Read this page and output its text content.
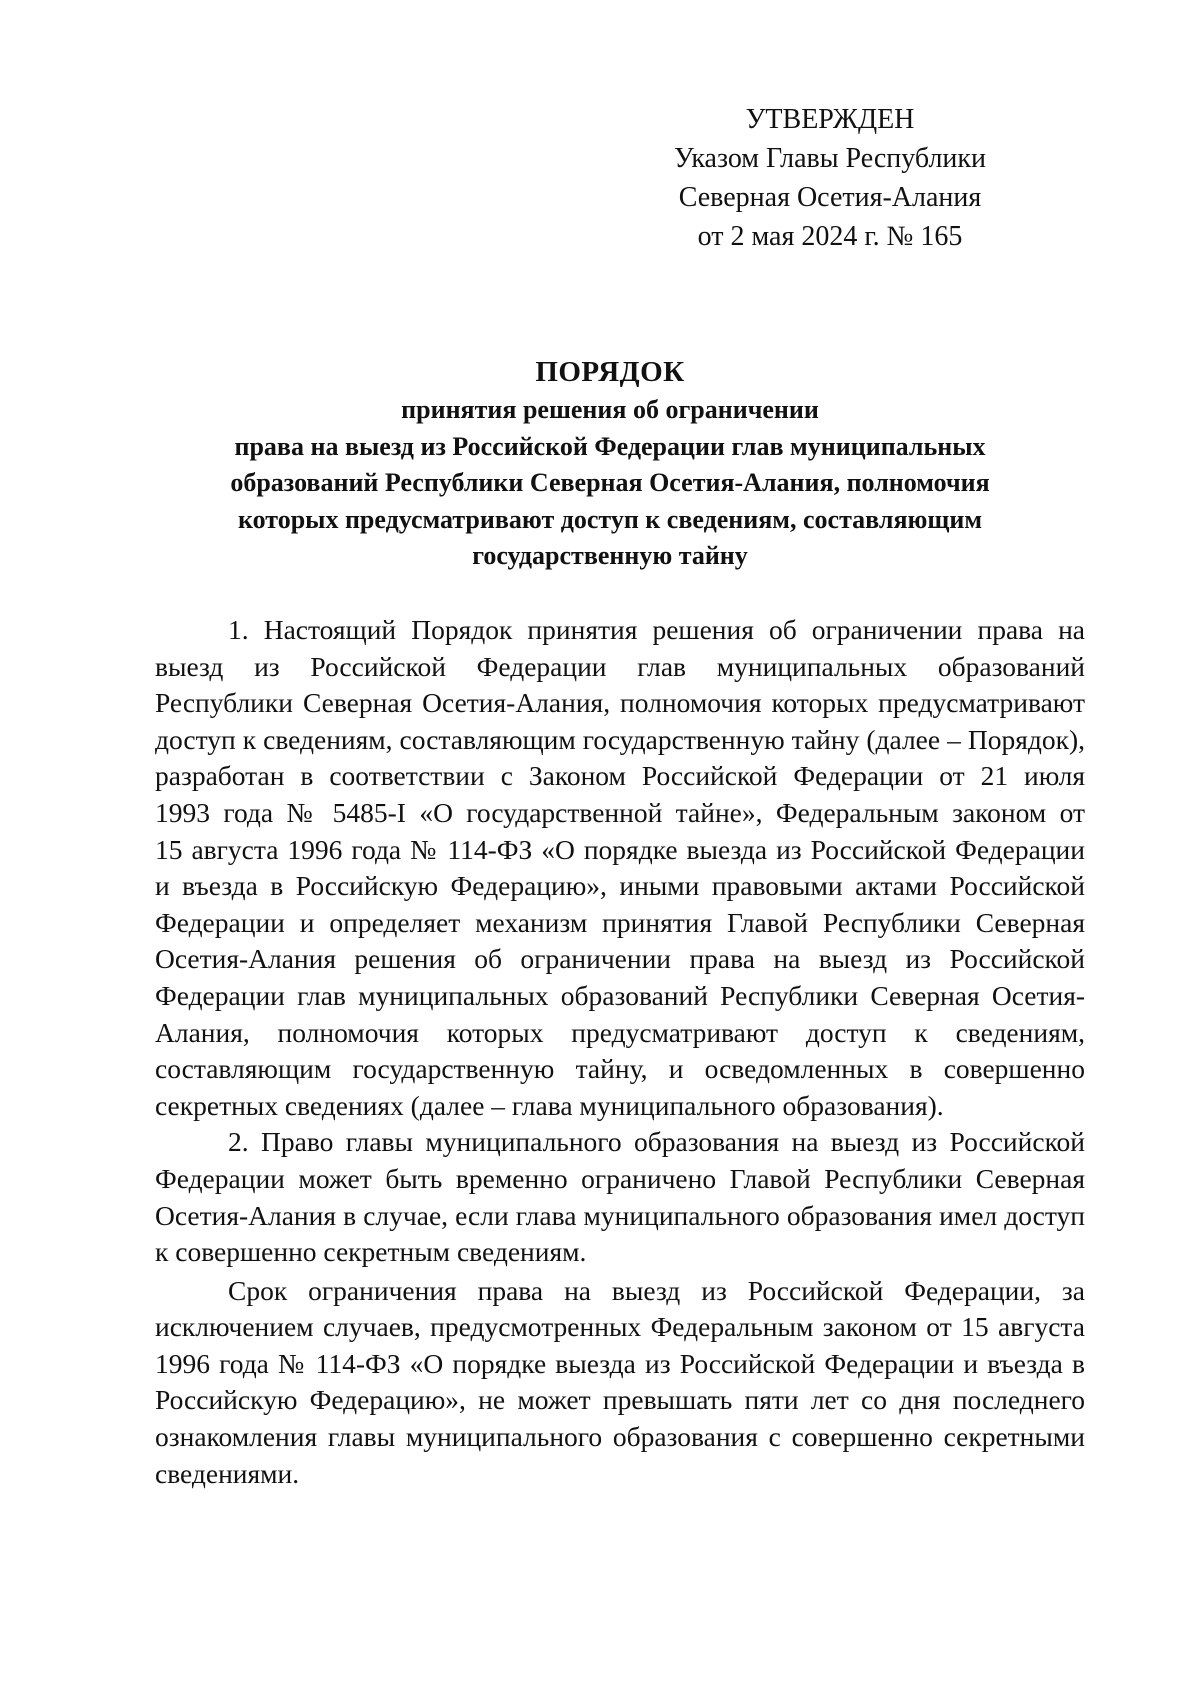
УТВЕРЖДЕН
Указом Главы Республики
Северная Осетия-Алания
от 2 мая 2024 г. № 165
ПОРЯДОК
принятия решения об ограничении
права на выезд из Российской Федерации глав муниципальных
образований Республики Северная Осетия-Алания, полномочия
которых предусматривают доступ к сведениям, составляющим
государственную тайну
1. Настоящий Порядок принятия решения об ограничении права на
выезд из Российской Федерации глав муниципальных образований
Республики Северная Осетия-Алания, полномочия которых предусматривают
доступ к сведениям, составляющим государственную тайну (далее – Порядок),
разработан в соответствии с Законом Российской Федерации от 21 июля
1993 года № 5485-I «О государственной тайне», Федеральным законом от
15 августа 1996 года № 114-ФЗ «О порядке выезда из Российской Федерации
и въезда в Российскую Федерацию», иными правовыми актами Российской
Федерации и определяет механизм принятия Главой Республики Северная
Осетия-Алания решения об ограничении права на выезд из Российской
Федерации глав муниципальных образований Республики Северная Осетия-
Алания, полномочия которых предусматривают доступ к сведениям,
составляющим государственную тайну, и осведомленных в совершенно
секретных сведениях (далее – глава муниципального образования).
2. Право главы муниципального образования на выезд из Российской
Федерации может быть временно ограничено Главой Республики Северная
Осетия-Алания в случае, если глава муниципального образования имел доступ
к совершенно секретным сведениям.
Срок ограничения права на выезд из Российской Федерации, за
исключением случаев, предусмотренных Федеральным законом от 15 августа
1996 года № 114-ФЗ «О порядке выезда из Российской Федерации и въезда в
Российскую Федерацию», не может превышать пяти лет со дня последнего
ознакомления главы муниципального образования с совершенно секретными
сведениями.
